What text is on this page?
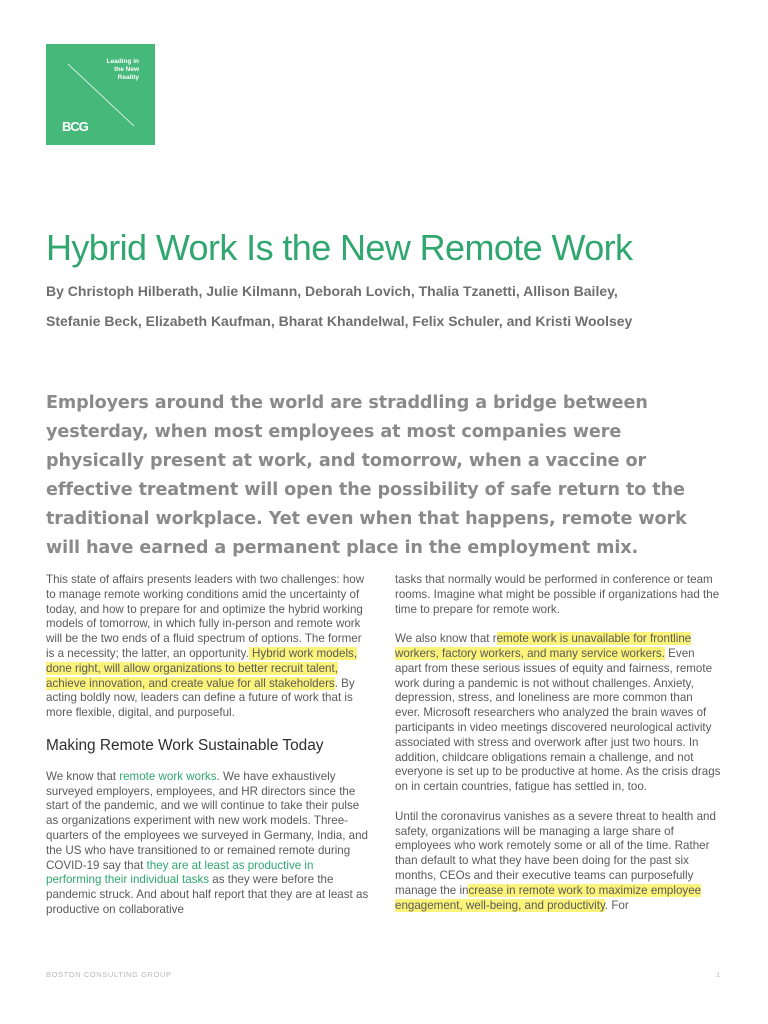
Leading in
the New
Reality
BCG
Hybrid Work Is the New Remote Work
By Christoph Hilberath, Julie Kilmann, Deborah Lovich, Thalia Tzanetti, Allison Bailey,
Stefanie Beck, Elizabeth Kaufman, Bharat Khandelwal, Felix Schuler, and Kristi Woolsey

Employers around the world are straddling a bridge between yesterday, when most employees at most companies were physically present at work, and tomorrow, when a vaccine or effective treatment will open the possibility of safe return to the traditional workplace. Yet even when that happens, remote work will have earned a permanent place in the employment mix.

This state of affairs presents leaders with two challenges: how to manage remote working conditions amid the uncertainty of today, and how to prepare for and optimize the hybrid working models of tomorrow, in which fully in-person and remote work will be the two ends of a fluid spectrum of options. The former is a necessity; the latter, an opportunity. Hybrid work models, done right, will allow organizations to better recruit talent, achieve innovation, and create value for all stakeholders. By acting boldly now, leaders can define a future of work that is more flexible, digital, and purposeful.

Making Remote Work Sustainable Today

We know that remote work works. We have exhaustively surveyed employers, employees, and HR directors since the start of the pandemic, and we will continue to take their pulse as organizations experiment with new work models. Three-quarters of the employees we surveyed in Germany, India, and the US who have transitioned to or remained remote during COVID-19 say that they are at least as productive in performing their individual tasks as they were before the pandemic struck. And about half report that they are at least as productive on collaborative

tasks that normally would be performed in conference or team rooms. Imagine what might be possible if organizations had the time to prepare for remote work.

We also know that remote work is unavailable for frontline workers, factory workers, and many service workers. Even apart from these serious issues of equity and fairness, remote work during a pandemic is not without challenges. Anxiety, depression, stress, and loneliness are more common than ever. Microsoft researchers who analyzed the brain waves of participants in video meetings discovered neurological activity associated with stress and overwork after just two hours. In addition, childcare obligations remain a challenge, and not everyone is set up to be productive at home. As the crisis drags on in certain countries, fatigue has settled in, too.

Until the coronavirus vanishes as a severe threat to health and safety, organizations will be managing a large share of employees who work remotely some or all of the time. Rather than default to what they have been doing for the past six months, CEOs and their executive teams can purposefully manage the increase in remote work to maximize employee engagement, well-being, and productivity. For

BOSTON CONSULTING GROUP	1
